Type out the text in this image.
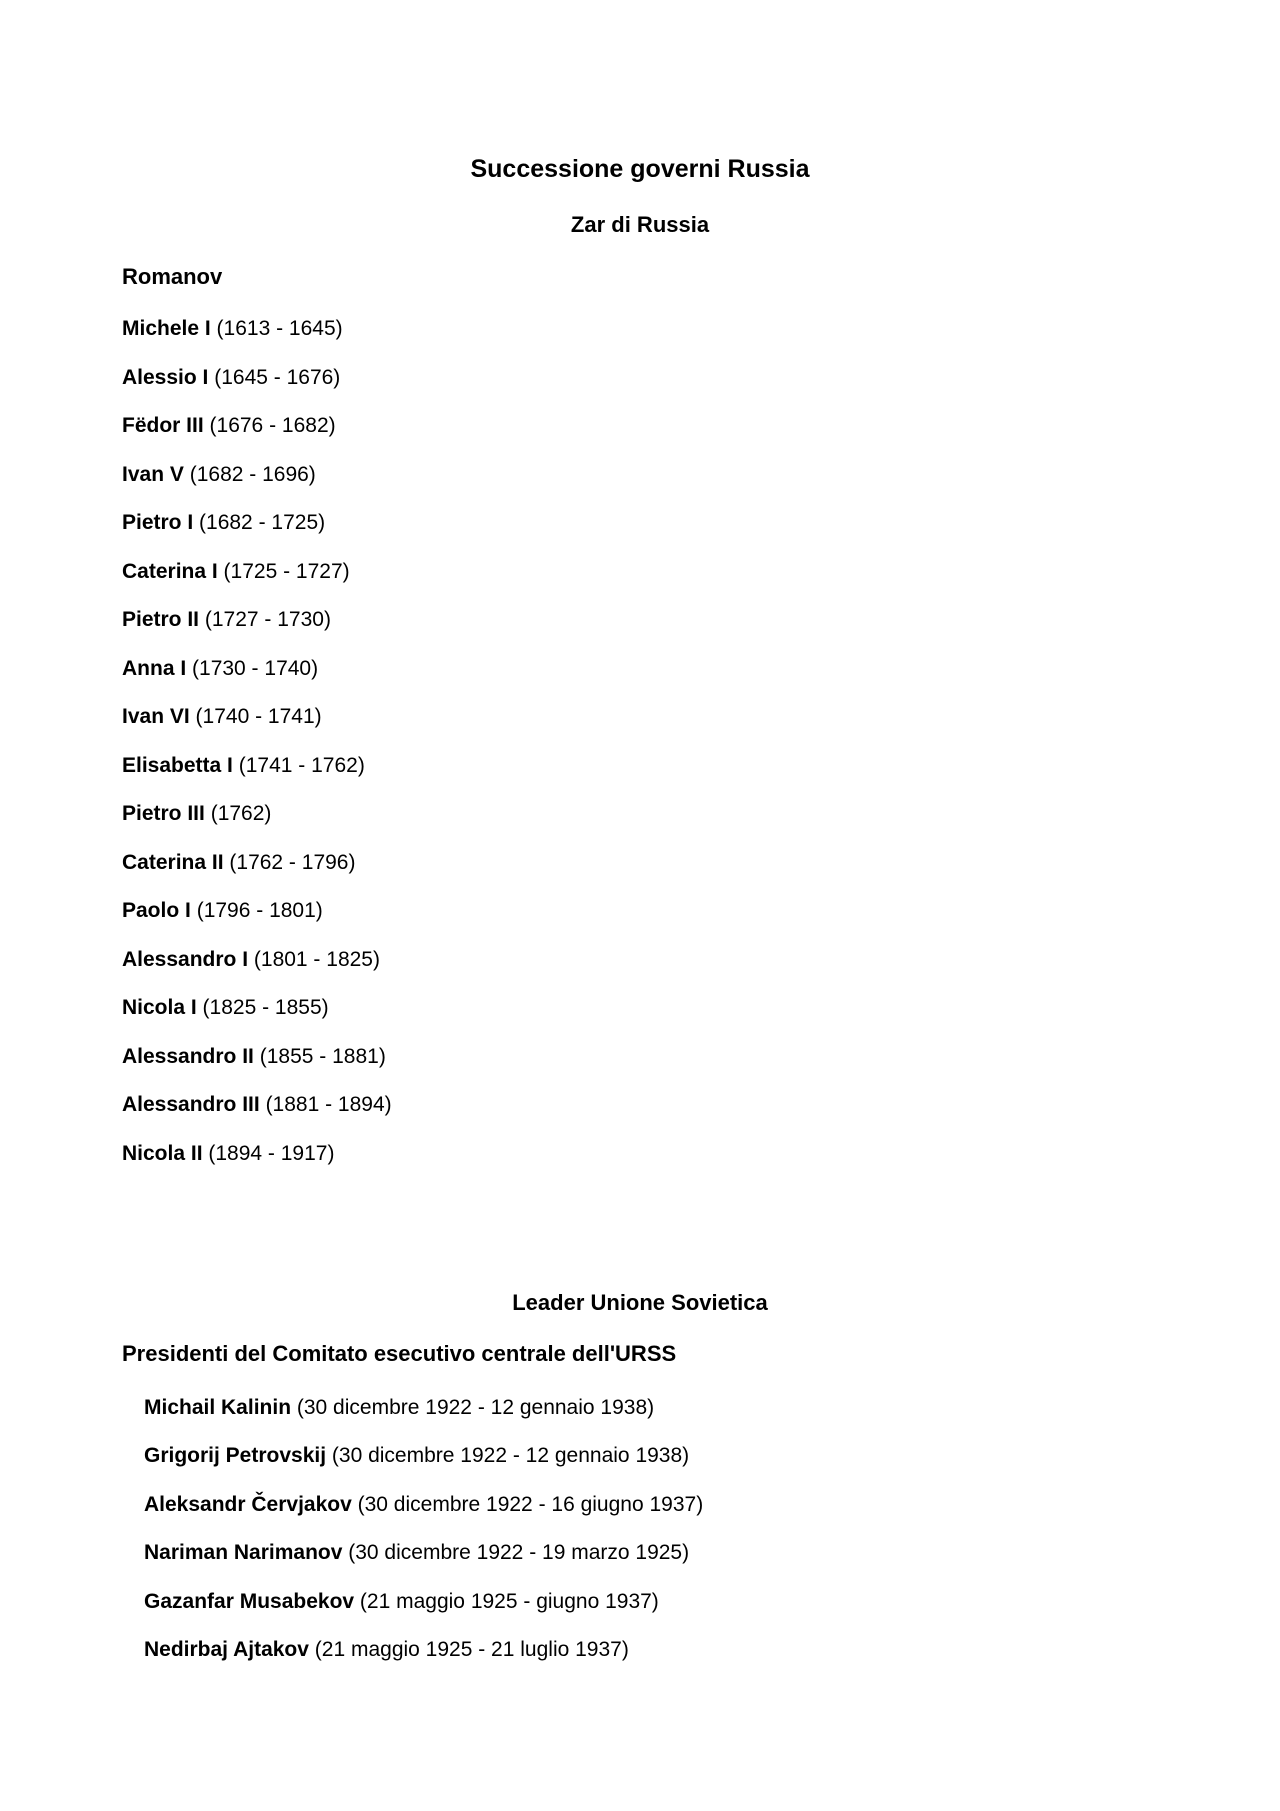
Successione governi Russia
Zar di Russia
Romanov
Michele I (1613 - 1645)
Alessio I (1645 - 1676)
Fëdor III (1676 - 1682)
Ivan V (1682 - 1696)
Pietro I (1682 - 1725)
Caterina I (1725 - 1727)
Pietro II (1727 - 1730)
Anna I (1730 - 1740)
Ivan VI (1740 - 1741)
Elisabetta I (1741 - 1762)
Pietro III (1762)
Caterina II (1762 - 1796)
Paolo I (1796 - 1801)
Alessandro I (1801 - 1825)
Nicola I (1825 - 1855)
Alessandro II (1855 - 1881)
Alessandro III (1881 - 1894)
Nicola II (1894 - 1917)
Leader Unione Sovietica
Presidenti del Comitato esecutivo centrale dell'URSS
Michail Kalinin (30 dicembre 1922 - 12 gennaio 1938)
Grigorij Petrovskij (30 dicembre 1922 - 12 gennaio 1938)
Aleksandr Červjakov (30 dicembre 1922 - 16 giugno 1937)
Nariman Narimanov (30 dicembre 1922 - 19 marzo 1925)
Gazanfar Musabekov (21 maggio 1925 - giugno 1937)
Nedirbaj Ajtakov (21 maggio 1925 - 21 luglio 1937)
